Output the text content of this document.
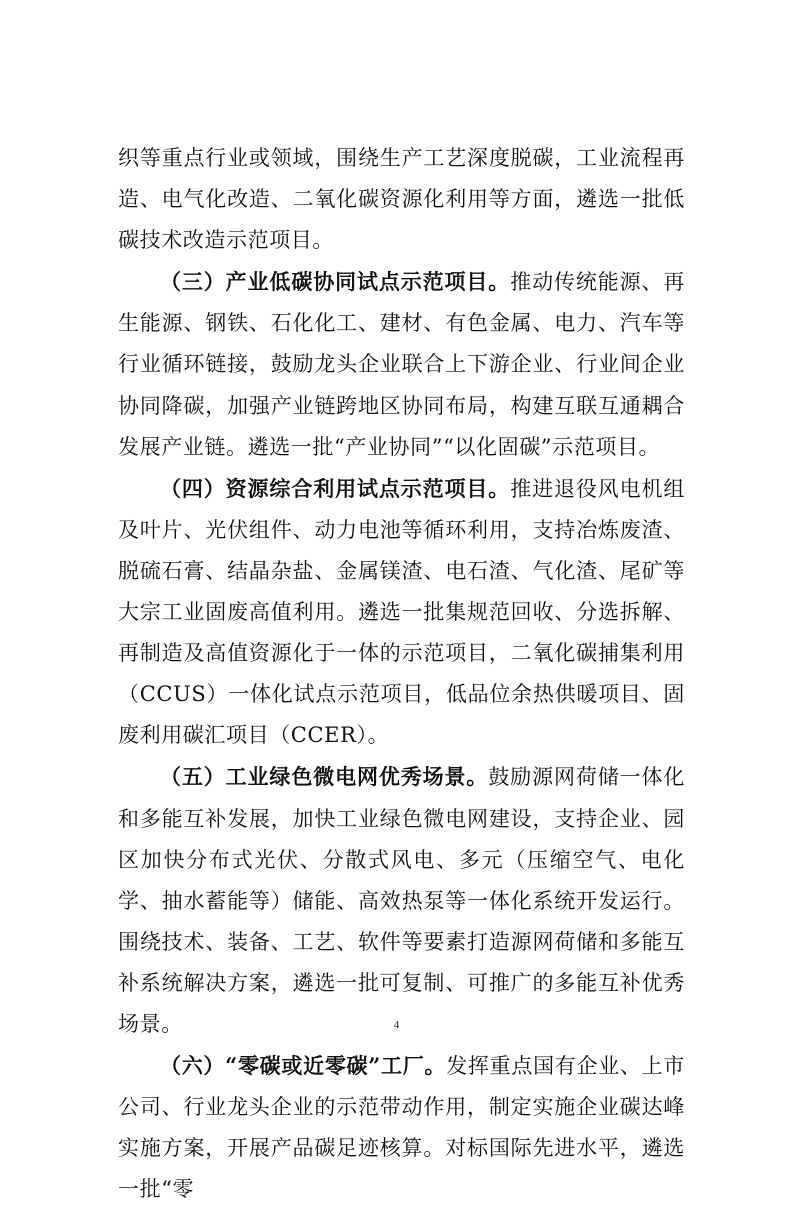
织等重点行业或领域，围绕生产工艺深度脱碳，工业流程再造、电气化改造、二氧化碳资源化利用等方面，遴选一批低碳技术改造示范项目。

（三）产业低碳协同试点示范项目。推动传统能源、再生能源、钢铁、石化化工、建材、有色金属、电力、汽车等行业循环链接，鼓励龙头企业联合上下游企业、行业间企业协同降碳，加强产业链跨地区协同布局，构建互联互通耦合发展产业链。遴选一批“产业协同”“以化固碳”示范项目。

（四）资源综合利用试点示范项目。推进退役风电机组及叶片、光伏组件、动力电池等循环利用，支持冶炼废渣、脱硫石膏、结晶杂盐、金属镁渣、电石渣、气化渣、尾矿等大宗工业固废高值利用。遴选一批集规范回收、分选拆解、再制造及高值资源化于一体的示范项目，二氧化碳捕集利用（CCUS）一体化试点示范项目，低品位余热供暖项目、固废利用碳汇项目（CCER）。

（五）工业绿色微电网优秀场景。鼓励源网荷储一体化和多能互补发展，加快工业绿色微电网建设，支持企业、园区加快分布式光伏、分散式风电、多元（压缩空气、电化学、抽水蓄能等）储能、高效热泵等一体化系统开发运行。围绕技术、装备、工艺、软件等要素打造源网荷储和多能互补系统解决方案，遴选一批可复制、可推广的多能互补优秀场景。

（六）“零碳或近零碳”工厂。发挥重点国有企业、上市公司、行业龙头企业的示范带动作用，制定实施企业碳达峰实施方案，开展产品碳足迹核算。对标国际先进水平，遴选一批“零

4
